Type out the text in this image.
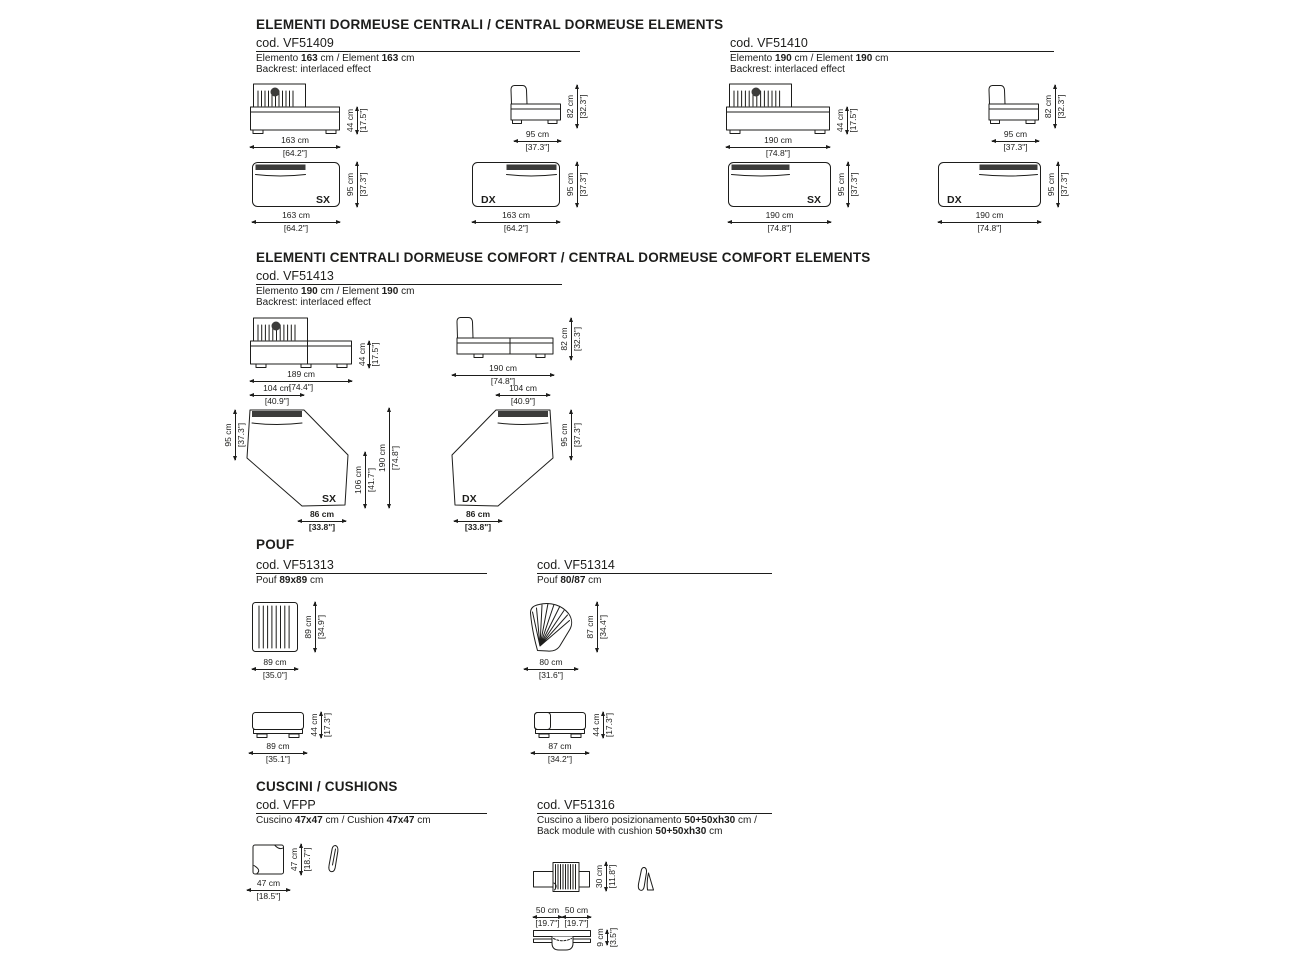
ELEMENTI DORMEUSE CENTRALI / CENTRAL DORMEUSE ELEMENTS
cod. VF51409
Elemento 163 cm / Element 163 cm
Backrest: interlaced effect
163 cm
[64.2"]
44 cm [17.5"]
95 cm
[37.3"]
82 cm [32.3"]
SX
163 cm
[64.2"]
95 cm [37.3"]
DX
163 cm
[64.2"]
95 cm [37.3"]
cod. VF51410
Elemento 190 cm / Element 190 cm
Backrest: interlaced effect
190 cm
[74.8"]
44 cm [17.5"]
95 cm
[37.3"]
82 cm [32.3"]
SX
190 cm
[74.8"]
95 cm [37.3"]
DX
190 cm
[74.8"]
95 cm [37.3"]
ELEMENTI CENTRALI DORMEUSE COMFORT / CENTRAL DORMEUSE COMFORT ELEMENTS
cod. VF51413
Elemento 190 cm / Element 190 cm
Backrest: interlaced effect
189 cm
[74.4"]
44 cm [17.5"]
190 cm
[74.8"]
82 cm [32.3"]
104 cm
[40.9"]
SX
95 cm [37.3"]
106 cm [41.7"]
190 cm [74.8"]
86 cm
[33.8"]
104 cm
[40.9"]
DX
95 cm [37.3"]
86 cm
[33.8"]
POUF
cod. VF51313
Pouf 89x89 cm
cod. VF51314
Pouf 80/87 cm
89 cm
[35.0"]
89 cm [34.9"]
89 cm
[35.1"]
44 cm [17.3"]
80 cm
[31.6"]
87 cm [34.4"]
87 cm
[34.2"]
44 cm [17.3"]
CUSCINI / CUSHIONS
cod. VFPP
Cuscino 47x47 cm / Cushion 47x47 cm
47 cm
[18.5"]
47 cm [18.7"]
cod. VF51316
Cuscino a libero posizionamento 50+50xh30 cm /
Back module with cushion 50+50xh30 cm
30 cm [11.8"]
50 cm
[19.7"]
50 cm
[19.7"]
9 cm [3.5"]
